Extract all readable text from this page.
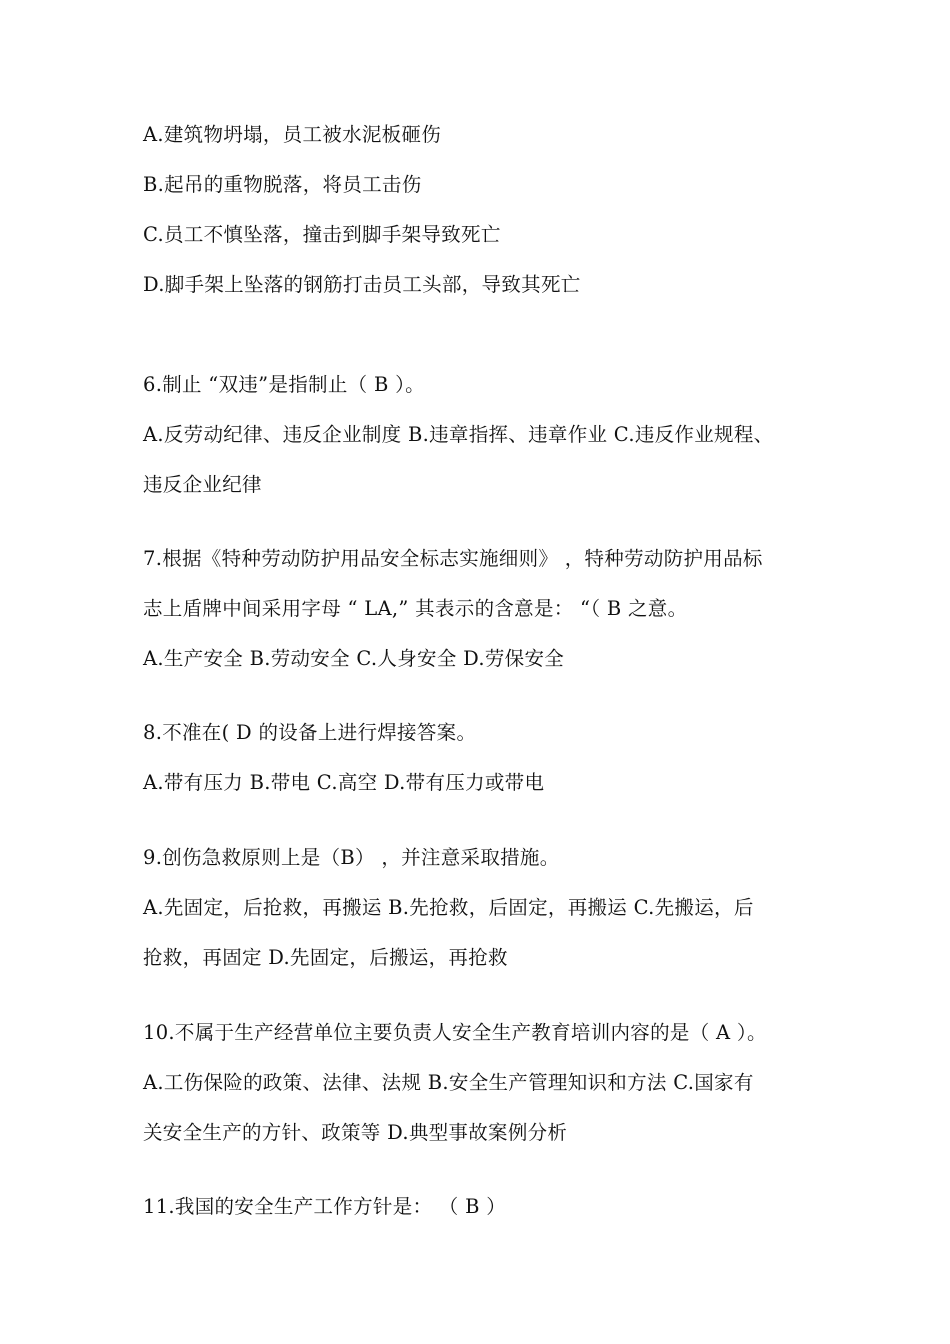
A.建筑物坍塌，员工被水泥板砸伤
B.起吊的重物脱落，将员工击伤
C.员工不慎坠落，撞击到脚手架导致死亡
D.脚手架上坠落的钢筋打击员工头部，导致其死亡
6.制止 “双违”是指制止（ B ）。
A.反劳动纪律、违反企业制度 B.违章指挥、违章作业 C.违反作业规程、
违反企业纪律
7.根据《特种劳动防护用品安全标志实施细则》 ，特种劳动防护用品标
志上盾牌中间采用字母 “ LA,” 其表示的含意是： “（ B 之意。
A.生产安全 B.劳动安全 C.人身安全 D.劳保安全
8.不准在( D 的设备上进行焊接答案。
A.带有压力 B.带电 C.高空 D.带有压力或带电
9.创伤急救原则上是（B） ，并注意采取措施。
A.先固定，后抢救，再搬运 B.先抢救，后固定，再搬运 C.先搬运，后
抢救，再固定 D.先固定，后搬运，再抢救
10.不属于生产经营单位主要负责人安全生产教育培训内容的是（ A ）。
A.工伤保险的政策、法律、法规 B.安全生产管理知识和方法 C.国家有
关安全生产的方针、政策等 D.典型事故案例分析
11.我国的安全生产工作方针是： （ B ）
